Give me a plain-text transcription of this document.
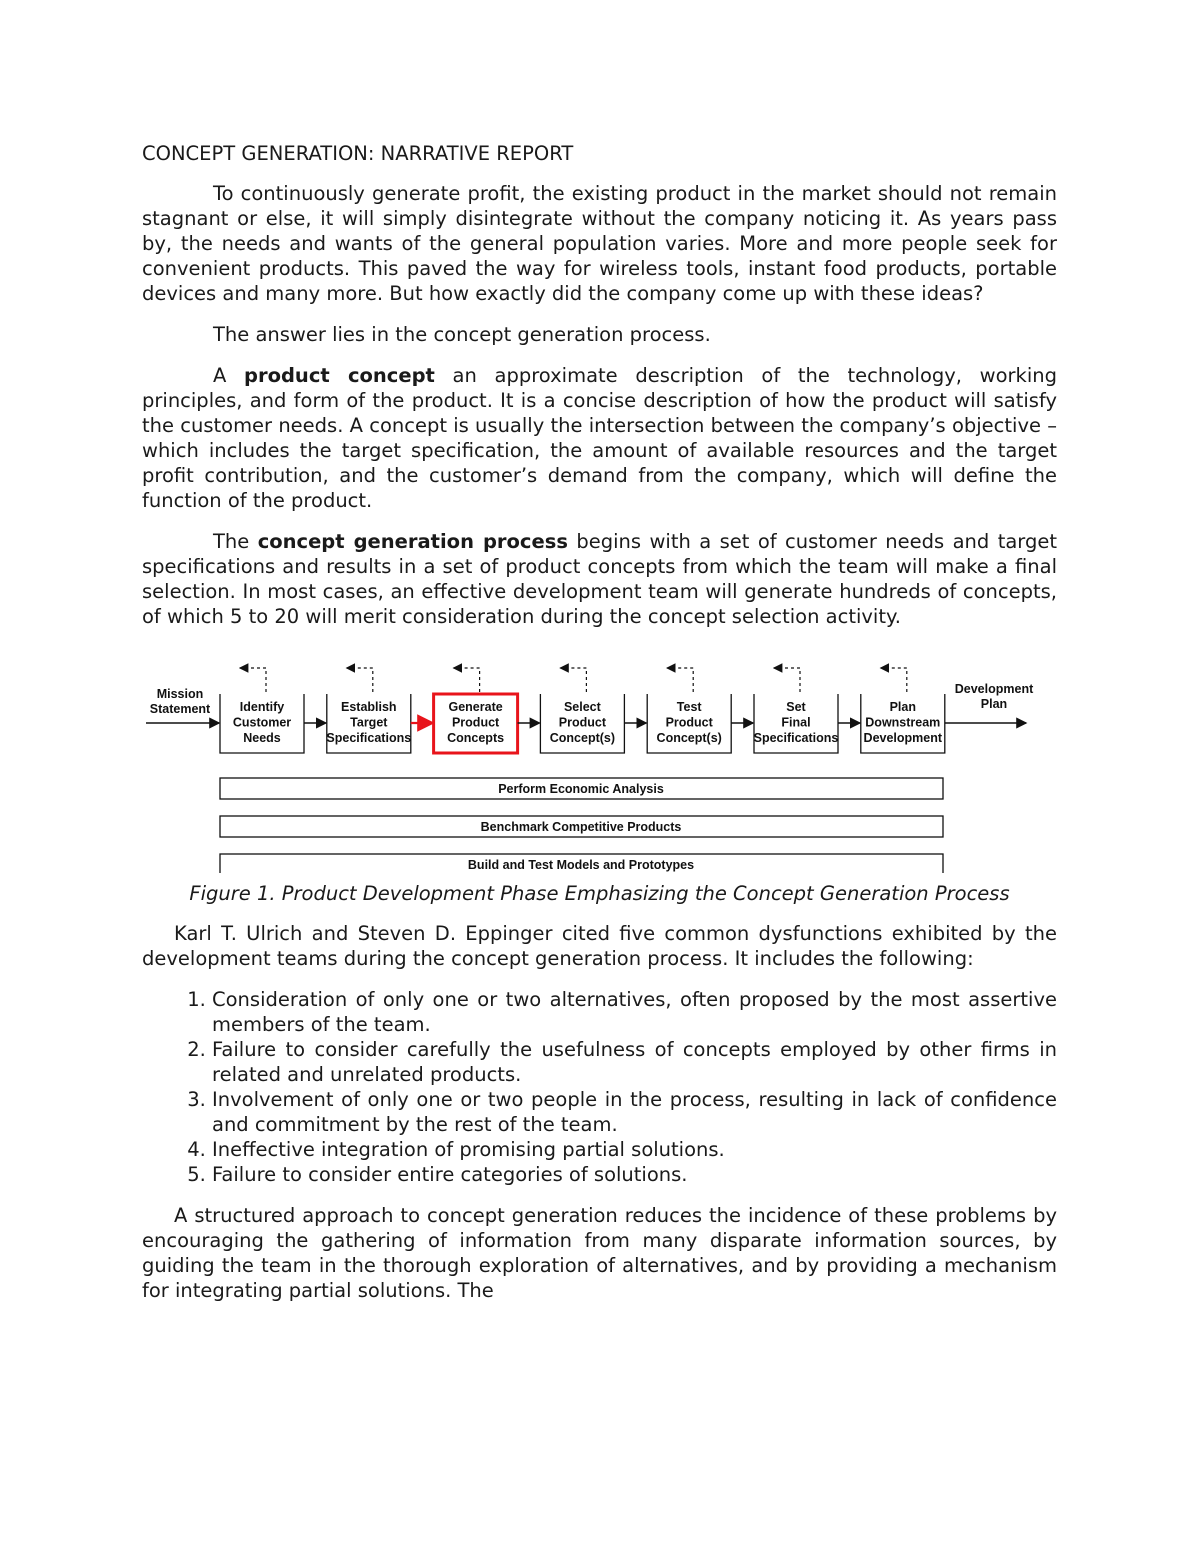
CONCEPT GENERATION: NARRATIVE REPORT

To continuously generate profit, the existing product in the market should not remain stagnant or else, it will simply disintegrate without the company noticing it. As years pass by, the needs and wants of the general population varies. More and more people seek for convenient products. This paved the way for wireless tools, instant food products, portable devices and many more. But how exactly did the company come up with these ideas?

The answer lies in the concept generation process.

A product concept an approximate description of the technology, working principles, and form of the product. It is a concise description of how the product will satisfy the customer needs. A concept is usually the intersection between the company’s objective – which includes the target specification, the amount of available resources and the target profit contribution, and the customer’s demand from the company, which will define the function of the product.

The concept generation process begins with a set of customer needs and target specifications and results in a set of product concepts from which the team will make a final selection. In most cases, an effective development team will generate hundreds of concepts, of which 5 to 20 will merit consideration during the concept selection activity.

Mission Statement	Identify Customer Needs
Establish Target Specifications
Generate Product Concepts
Select Product Concept(s)
Test Product Concept(s)
Set Final Specifications
Plan Downstream Development
Development Plan
Perform Economic Analysis
Benchmark Competitive Products
Build and Test Models and Prototypes
Figure 1. Product Development Phase Emphasizing the Concept Generation Process

Karl T. Ulrich and Steven D. Eppinger cited five common dysfunctions exhibited by the development teams during the concept generation process. It includes the following:

1. Consideration of only one or two alternatives, often proposed by the most assertive members of the team.
2. Failure to consider carefully the usefulness of concepts employed by other firms in related and unrelated products.
3. Involvement of only one or two people in the process, resulting in lack of confidence and commitment by the rest of the team.
4. Ineffective integration of promising partial solutions.
5. Failure to consider entire categories of solutions.

A structured approach to concept generation reduces the incidence of these problems by encouraging the gathering of information from many disparate information sources, by guiding the team in the thorough exploration of alternatives, and by providing a mechanism for integrating partial solutions. The
